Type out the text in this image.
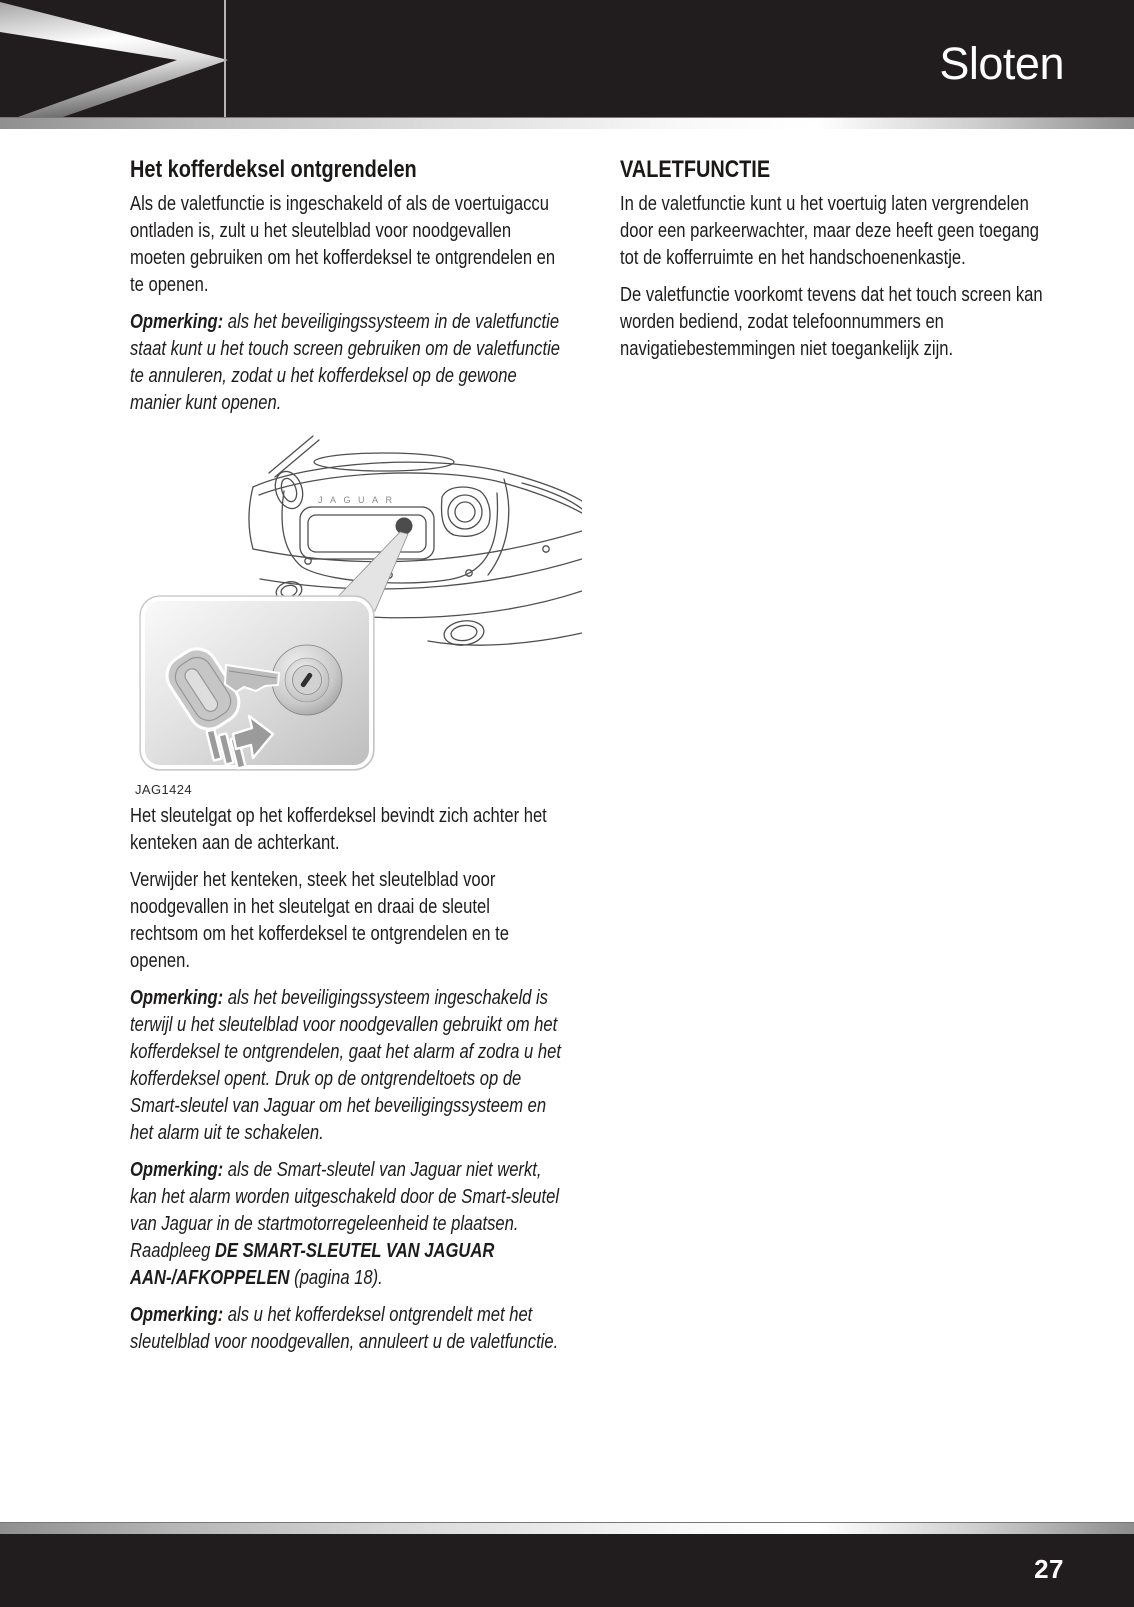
Sloten
Het kofferdeksel ontgrendelen

Als de valetfunctie is ingeschakeld of als de voertuigaccu ontladen is, zult u het sleutelblad voor noodgevallen moeten gebruiken om het kofferdeksel te ontgrendelen en te openen.

Opmerking: als het beveiligingssysteem in de valetfunctie staat kunt u het touch screen gebruiken om de valetfunctie te annuleren, zodat u het kofferdeksel op de gewone manier kunt openen.

JAGUAR
JAG1424

Het sleutelgat op het kofferdeksel bevindt zich achter het kenteken aan de achterkant.

Verwijder het kenteken, steek het sleutelblad voor noodgevallen in het sleutelgat en draai de sleutel rechtsom om het kofferdeksel te ontgrendelen en te openen.

Opmerking: als het beveiligingssysteem ingeschakeld is terwijl u het sleutelblad voor noodgevallen gebruikt om het kofferdeksel te ontgrendelen, gaat het alarm af zodra u het kofferdeksel opent. Druk op de ontgrendeltoets op de Smart-sleutel van Jaguar om het beveiligingssysteem en het alarm uit te schakelen.

Opmerking: als de Smart-sleutel van Jaguar niet werkt, kan het alarm worden uitgeschakeld door de Smart-sleutel van Jaguar in de startmotorregeleenheid te plaatsen. Raadpleeg DE SMART-SLEUTEL VAN JAGUAR AAN-/AFKOPPELEN (pagina 18).

Opmerking: als u het kofferdeksel ontgrendelt met het sleutelblad voor noodgevallen, annuleert u de valetfunctie.

VALETFUNCTIE

In de valetfunctie kunt u het voertuig laten vergrendelen door een parkeerwachter, maar deze heeft geen toegang tot de kofferruimte en het handschoenenkastje.

De valetfunctie voorkomt tevens dat het touch screen kan worden bediend, zodat telefoonnummers en navigatiebestemmingen niet toegankelijk zijn.

27
